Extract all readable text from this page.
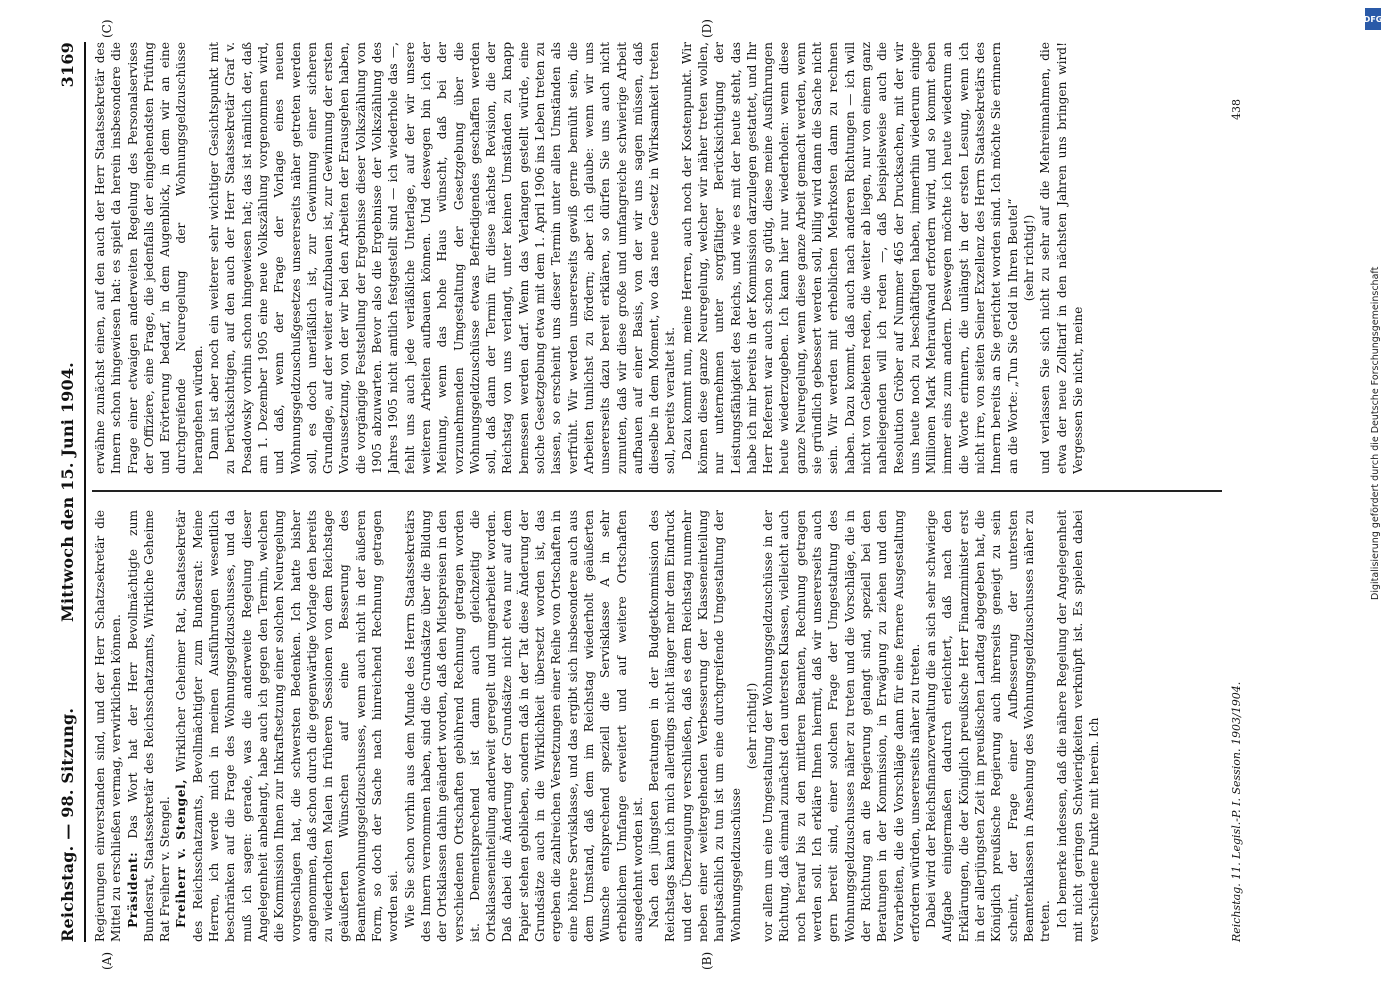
Reichstag. — 98. Sitzung.
Mittwoch den 15. Juni 1904.
3169
(A)	(B)
(C)	(D)

Regierungen einverstanden sind, und der Herr Schatzsekretär die Mittel zu erschließen vermag, verwirklichen können. Präsident: Das Wort hat der Herr Bevollmächtigte zum Bundesrat, Staatssekretär des Reichsschatzamts, Wirkliche Geheime Rat Freiherr v. Stengel. Freiherr v. Stengel, Wirklicher Geheimer Rat, Staatssekretär des Reichsschatzamts, Bevollmächtigter zum Bundesrat: Meine Herren, ich werde mich in meinen Ausführungen wesentlich beschränken auf die Frage des Wohnungsgeldzuschusses, und da muß ich sagen: gerade, was die anderweite Regelung dieser Angelegenheit anbelangt, habe auch ich gegen den Termin, welchen die Kommission Ihnen zur Inkraftsetzung einer solchen Neuregelung vorgeschlagen hat, die schwersten Bedenken. Ich hatte bisher angenommen, daß schon durch die gegenwärtige Vorlage den bereits zu wiederholten Malen in früheren Sessionen von dem Reichstage geäußerten Wünschen auf eine Besserung des Beamtenwohnungsgeldzuschusses, wenn auch nicht in der äußeren Form, so doch der Sache nach hinreichend Rechnung getragen worden sei. Wie Sie schon vorhin aus dem Munde des Herrn Staatssekretärs des Innern vernommen haben, sind die Grundsätze über die Bildung der Ortsklassen dahin geändert worden, daß den Mietspreisen in den verschiedenen Ortschaften gebührend Rechnung getragen worden ist. Dementsprechend ist dann auch gleichzeitig die Ortsklasseneinteilung anderweit geregelt und umgearbeitet worden. Daß dabei die Änderung der Grundsätze nicht etwa nur auf dem Papier stehen geblieben, sondern daß in der Tat diese Änderung der Grundsätze auch in die Wirklichkeit übersetzt worden ist, das ergeben die zahlreichen Versetzungen einer Reihe von Ortschaften in eine höhere Servisklasse, und das ergibt sich insbesondere auch aus dem Umstand, daß dem im Reichstag wiederholt geäußerten Wunsche entsprechend speziell die Servisklasse A in sehr erheblichem Umfange erweitert und auf weitere Ortschaften ausgedehnt worden ist. Nach den jüngsten Beratungen in der Budgetkommission des Reichstags kann ich mich allerdings nicht länger mehr dem Eindruck und der Überzeugung verschließen, daß es dem Reichstag nunmehr neben einer weitergehenden Verbesserung der Klasseneinteilung hauptsächlich zu tun ist um eine durchgreifende Umgestaltung der Wohnungsgeldzuschüsse

(sehr richtig!) vor allem um eine Umgestaltung der Wohnungsgeldzuschüsse in der Richtung, daß einmal zunächst den untersten Klassen, vielleicht auch noch herauf bis zu den mittleren Beamten, Rechnung getragen werden soll. Ich erkläre Ihnen hiermit, daß wir unsererseits auch gern bereit sind, einer solchen Frage der Umgestaltung des Wohnungsgeldzuschusses näher zu treten und die Vorschläge, die in der Richtung an die Regierung gelangt sind, speziell bei den Beratungen in der Kommission, in Erwägung zu ziehen und den Vorarbeiten, die die Vorschläge dann für eine fernere Ausgestaltung erfordern würden, unsererseits näher zu treten. Dabei wird der Reichsfinanzverwaltung die an sich sehr schwierige Aufgabe einigermaßen dadurch erleichtert, daß nach den Erklärungen, die der Königlich preußische Herr Finanzminister erst in der allerjüngsten Zeit im preußischen Landtag abgegeben hat, die Königlich preußische Regierung auch ihrerseits geneigt zu sein scheint, der Frage einer Aufbesserung der untersten Beamtenklassen in Ansehung des Wohnungsgeldzuschusses näher zu treten. Ich bemerke indessen, daß die nähere Regelung der Angelegenheit mit nicht geringen Schwierigkeiten verknüpft ist. Es spielen dabei verschiedene Punkte mit herein. Ich

erwähne zunächst einen, auf den auch der Herr Staatssekretär des Innern schon hingewiesen hat: es spielt da herein insbesondere die Frage einer etwaigen anderweiten Regelung des Personalservises der Offiziere, eine Frage, die jedenfalls der eingehendsten Prüfung und Erörterung bedarf, in dem Augenblick, in dem wir an eine durchgreifende Neuregelung der Wohnungsgeldzuschüsse herangehen würden. Dann ist aber noch ein weiterer sehr wichtiger Gesichtspunkt mit zu berücksichtigen, auf den auch der Herr Staatssekretär Graf v. Posadowsky vorhin schon hingewiesen hat; das ist nämlich der, daß am 1. Dezember 1905 eine neue Volkszählung vorgenommen wird, und daß, wenn der Frage der Vorlage eines neuen Wohnungsgeldzuschußgesetzes unsererseits näher getreten werden soll, es doch unerläßlich ist, zur Gewinnung einer sicheren Grundlage, auf der weiter aufzubauen ist, zur Gewinnung der ersten Voraussetzung, von der wir bei den Arbeiten der Erausgehen haben, die vorgängige Feststellung der Ergebnisse dieser Volkszählung von 1905 abzuwarten. Bevor also die Ergebnisse der Volkszählung des Jahres 1905 nicht amtlich festgestellt sind — ich wiederhole das —, fehlt uns auch jede verläßliche Unterlage, auf der wir unsere weiteren Arbeiten aufbauen können. Und deswegen bin ich der Meinung, wenn das hohe Haus wünscht, daß bei der vorzunehmenden Umgestaltung der Gesetzgebung über die Wohnungsgeldzuschüsse etwas Befriedigendes geschaffen werden soll, daß dann der Termin für diese nächste Revision, die der Reichstag von uns verlangt, unter keinen Umständen zu knapp bemessen werden darf. Wenn das Verlangen gestellt würde, eine solche Gesetzgebung etwa mit dem 1. April 1906 ins Leben treten zu lassen, so erscheint uns dieser Termin unter allen Umständen als verfrüht. Wir werden unsererseits gewiß gerne bemüht sein, die Arbeiten tunlichst zu fördern; aber ich glaube: wenn wir uns unsererseits dazu bereit erklären, so dürfen Sie uns auch nicht zumuten, daß wir diese große und umfangreiche schwierige Arbeit aufbauen auf einer Basis, von der wir uns sagen müssen, daß dieselbe in dem Moment, wo das neue Gesetz in Wirksamkeit treten soll, bereits veraltet ist. Dazu kommt nun, meine Herren, auch noch der Kostenpunkt. Wir können diese ganze Neuregelung, welcher wir näher treten wollen, nur unternehmen unter sorgfältiger Berücksichtigung der Leistungsfähigkeit des Reichs, und wie es mit der heute steht, das habe ich mir bereits in der Kommission darzulegen gestattet, und Ihr Herr Referent war auch schon so gütig, diese meine Ausführungen heute wiederzugeben. Ich kann hier nur wiederholen: wenn diese ganze Neuregelung, wenn diese ganze Arbeit gemacht werden, wenn sie gründlich gebessert werden soll, billig wird dann die Sache nicht sein. Wir werden mit erheblichen Mehrkosten dann zu rechnen haben. Dazu kommt, daß auch nach anderen Richtungen — ich will nicht von Gebieten reden, die weiter ab liegen, nur von einem ganz naheliegenden will ich reden —, daß beispielsweise auch die Resolution Gröber auf Nummer 465 der Drucksachen, mit der wir uns heute noch zu beschäftigen haben, immerhin wiederum einige Millionen Mark Mehraufwand erfordern wird, und so kommt eben immer eins zum andern. Deswegen möchte ich heute wiederum an die Worte erinnern, die unlängst in der ersten Lesung, wenn ich nicht irre, von seiten Seiner Exzellenz des Herrn Staatssekretärs des Innern bereits an Sie gerichtet worden sind. Ich möchte Sie erinnern an die Worte: „Tun Sie Geld in Ihren Beutel“ (sehr richtig!) und verlassen Sie sich nicht zu sehr auf die Mehreinnahmen, die etwa der neue Zolltarif in den nächsten Jahren uns bringen wird! Vergessen Sie nicht, meine

Reichstag. 11. Legisl.-P. I. Session. 1903/1904.
438
DFG
Digitalisierung gefördert durch die Deutsche Forschungsgemeinschaft
